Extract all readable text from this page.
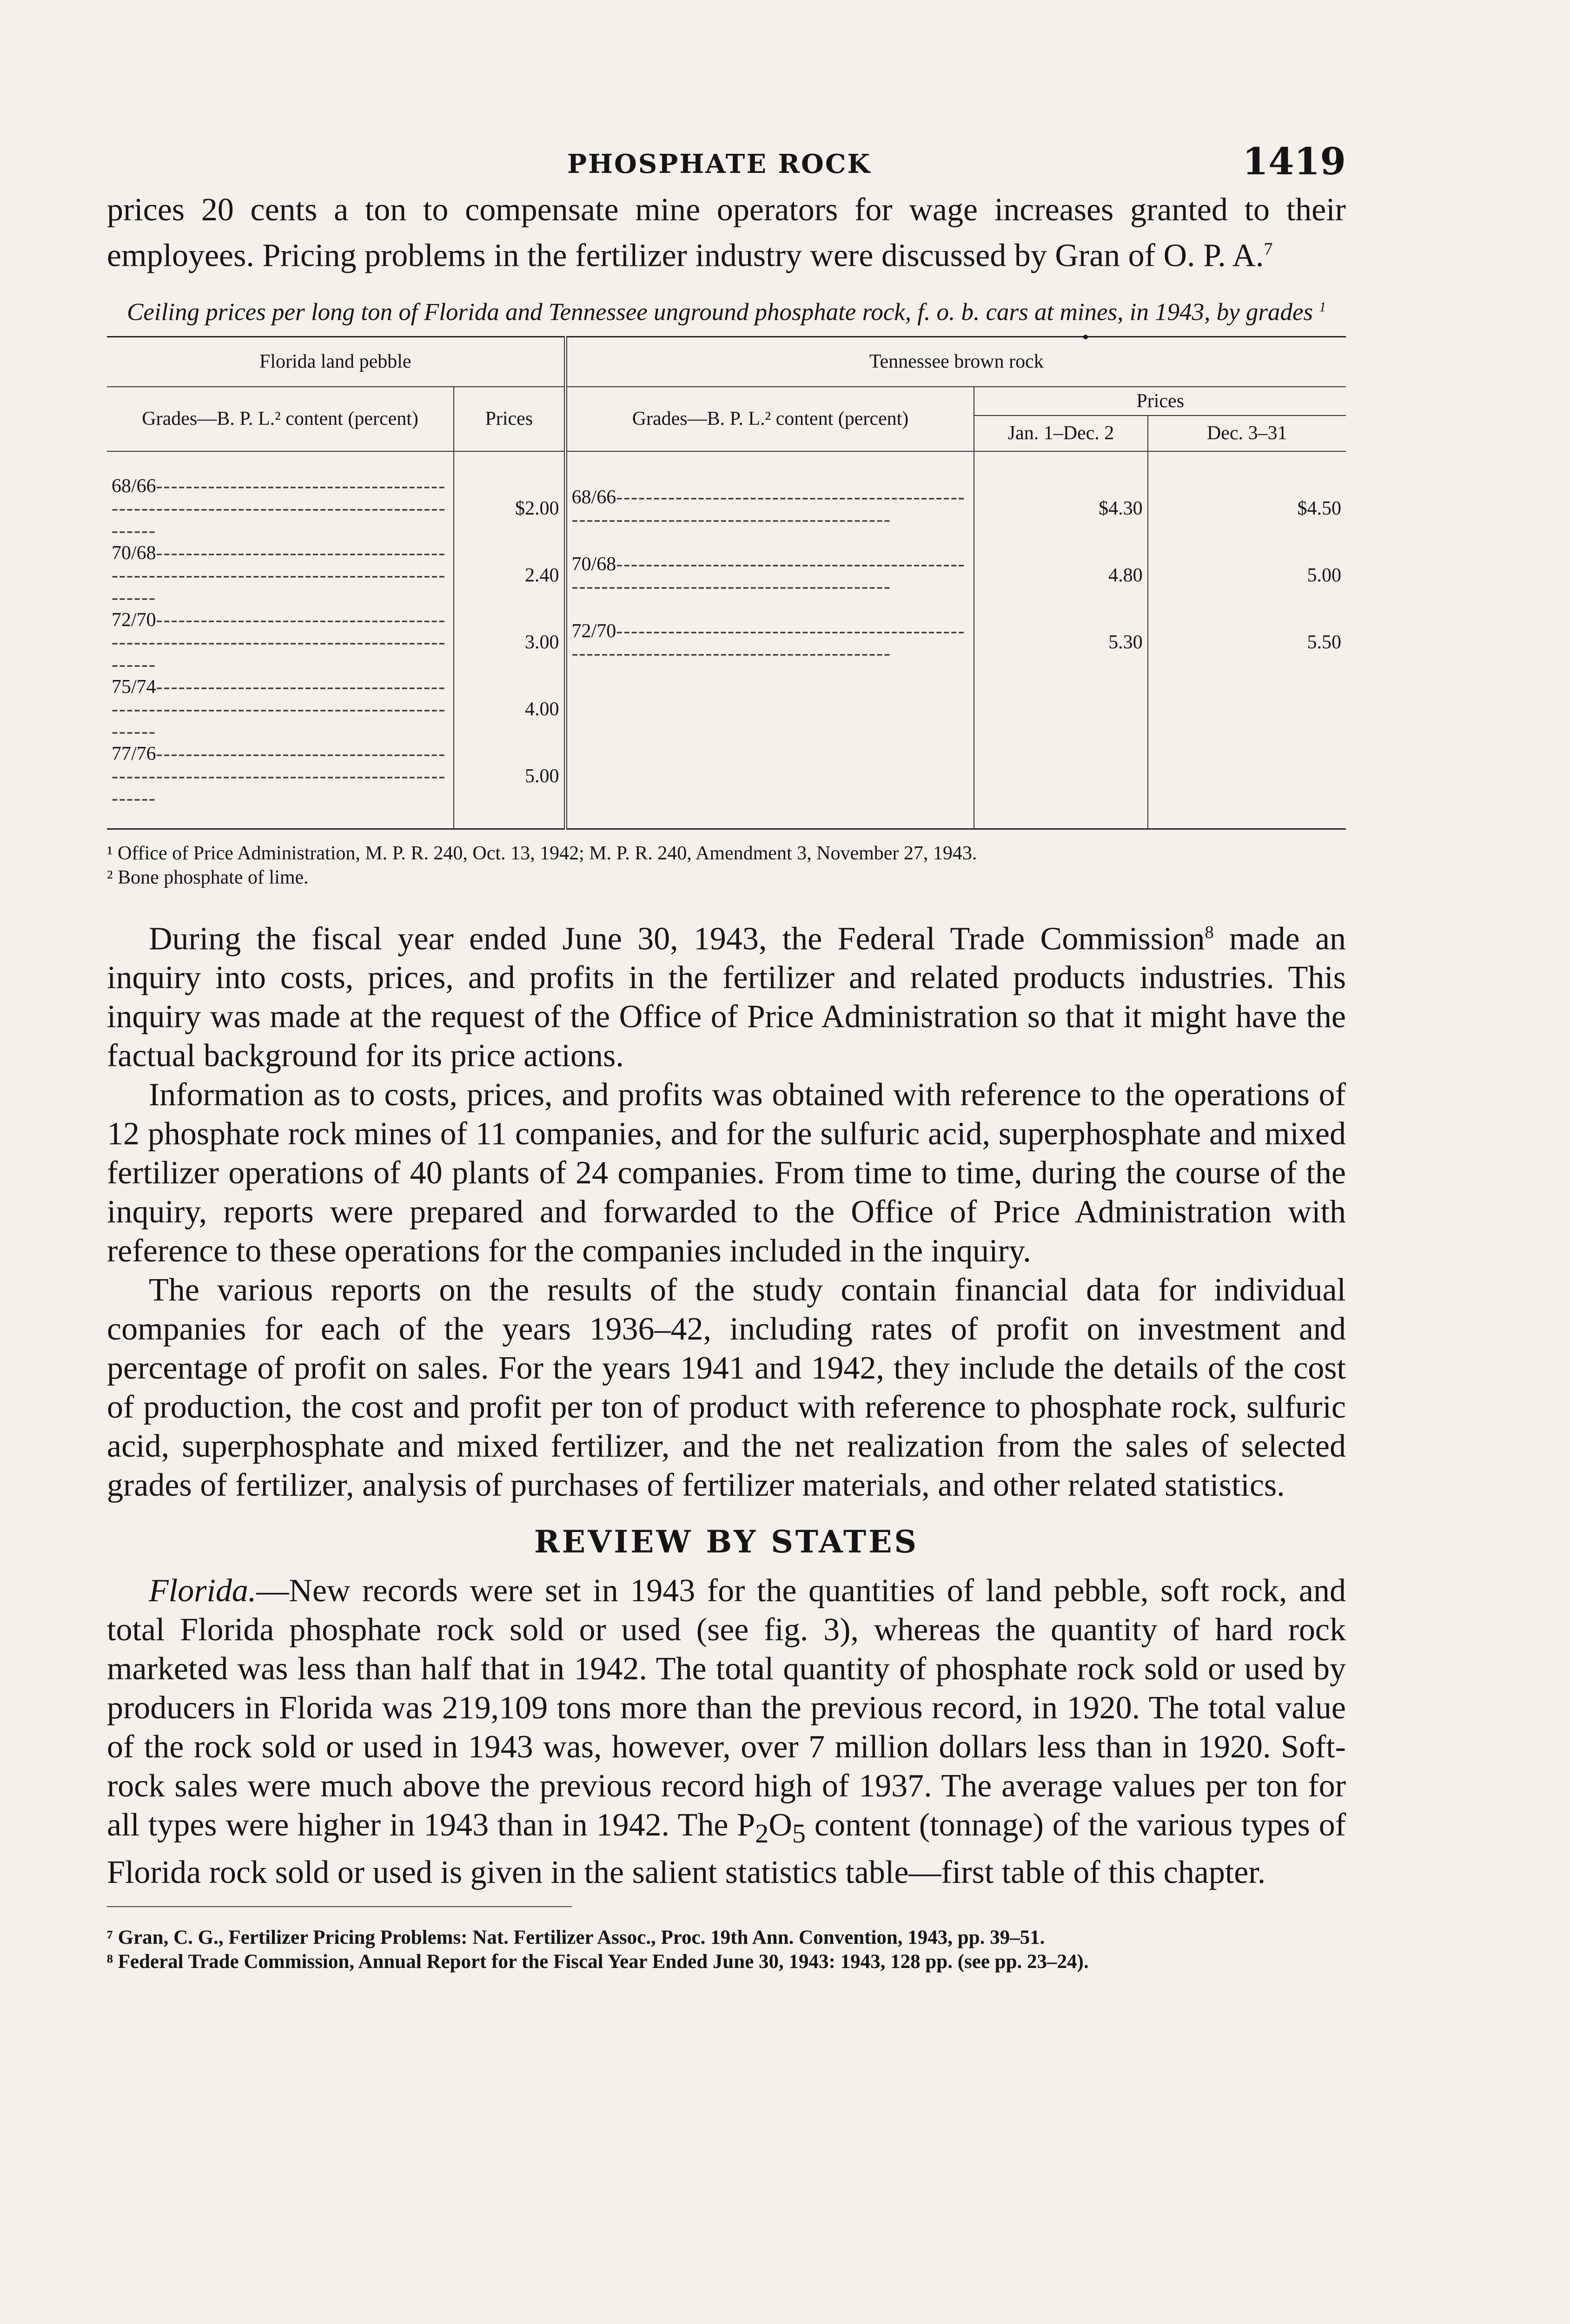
PHOSPHATE ROCK	1419

prices 20 cents a ton to compensate mine operators for wage increases granted to their employees. Pricing problems in the fertilizer industry were discussed by Gran of O. P. A.$^7$

Ceiling prices per long ton of Florida and Tennessee unground phosphate rock, f. o. b. cars at mines, in 1943, by grades $^1$
Florida land pebble		Tennessee brown rock		
Grades—B. P. L.² content (percent)	Prices	Grades—B. P. L.² content (percent)	Prices	
			Jan. 1–Dec. 2	Dec. 3–31
68/66 -----	$2.00	68/66 -----	$4.30	$4.50
70/68 -----	2.40	70/68 -----	4.80	5.00
72/70 -----	3.00	72/70 -----	5.30	5.50
75/74 -----	4.00			
77/76 -----	5.00			

¹ Office of Price Administration, M. P. R. 240, Oct. 13, 1942; M. P. R. 240, Amendment 3, November 27, 1943.

² Bone phosphate of lime.

During the fiscal year ended June 30, 1943, the Federal Trade Commission$^8$ made an inquiry into costs, prices, and profits in the fertilizer and related products industries. This inquiry was made at the request of the Office of Price Administration so that it might have the factual background for its price actions.

Information as to costs, prices, and profits was obtained with reference to the operations of 12 phosphate rock mines of 11 companies, and for the sulfuric acid, superphosphate and mixed fertilizer operations of 40 plants of 24 companies. From time to time, during the course of the inquiry, reports were prepared and forwarded to the Office of Price Administration with reference to these operations for the companies included in the inquiry.

The various reports on the results of the study contain financial data for individual companies for each of the years 1936–42, including rates of profit on investment and percentage of profit on sales. For the years 1941 and 1942, they include the details of the cost of production, the cost and profit per ton of product with reference to phosphate rock, sulfuric acid, superphosphate and mixed fertilizer, and the net realization from the sales of selected grades of fertilizer, analysis of purchases of fertilizer materials, and other related statistics.

REVIEW BY STATES

Florida.—New records were set in 1943 for the quantities of land pebble, soft rock, and total Florida phosphate rock sold or used (see fig. 3), whereas the quantity of hard rock marketed was less than half that in 1942. The total quantity of phosphate rock sold or used by producers in Florida was 219,109 tons more than the previous record, in 1920. The total value of the rock sold or used in 1943 was, however, over 7 million dollars less than in 1920. Soft-rock sales were much above the previous record high of 1937. The average values per ton for all types were higher in 1943 than in 1942. The $P_2O_5$ content (tonnage) of the various types of Florida rock sold or used is given in the salient statistics table—first table of this chapter.

⁷ Gran, C. G., Fertilizer Pricing Problems: Nat. Fertilizer Assoc., Proc. 19th Ann. Convention, 1943, pp. 39–51.

⁸ Federal Trade Commission, Annual Report for the Fiscal Year Ended June 30, 1943: 1943, 128 pp. (see pp. 23–24).
